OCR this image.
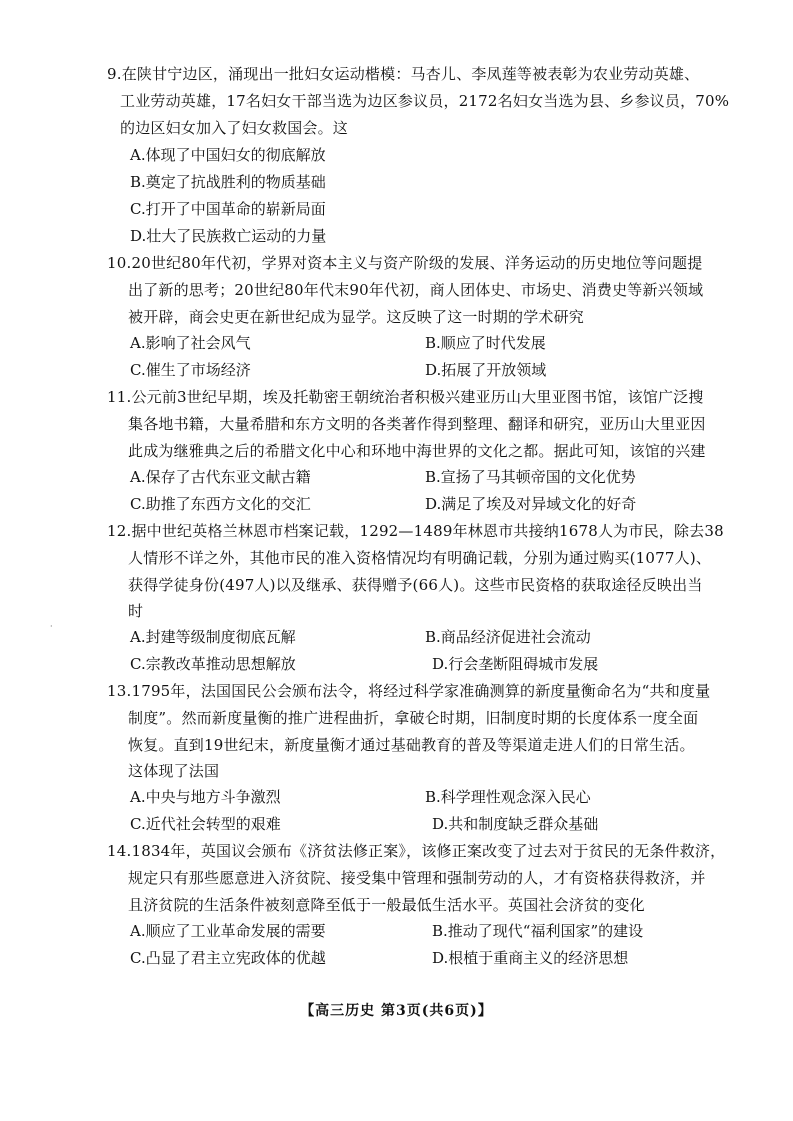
9.在陕甘宁边区，涌现出一批妇女运动楷模：马杏儿、李凤莲等被表彰为农业劳动英雄、
工业劳动英雄，17名妇女干部当选为边区参议员，2172名妇女当选为县、乡参议员，70%
的边区妇女加入了妇女救国会。这
A.体现了中国妇女的彻底解放
B.奠定了抗战胜利的物质基础
C.打开了中国革命的崭新局面
D.壮大了民族救亡运动的力量
10.20世纪80年代初，学界对资本主义与资产阶级的发展、洋务运动的历史地位等问题提
出了新的思考；20世纪80年代末90年代初，商人团体史、市场史、消费史等新兴领域
被开辟，商会史更在新世纪成为显学。这反映了这一时期的学术研究
A.影响了社会风气	B.顺应了时代发展
C.催生了市场经济	D.拓展了开放领域
11.公元前3世纪早期，埃及托勒密王朝统治者积极兴建亚历山大里亚图书馆，该馆广泛搜
集各地书籍，大量希腊和东方文明的各类著作得到整理、翻译和研究，亚历山大里亚因
此成为继雅典之后的希腊文化中心和环地中海世界的文化之都。据此可知，该馆的兴建
A.保存了古代东亚文献古籍	B.宣扬了马其顿帝国的文化优势
C.助推了东西方文化的交汇	D.满足了埃及对异域文化的好奇
12.据中世纪英格兰林恩市档案记载，1292—1489年林恩市共接纳1678人为市民，除去38
人情形不详之外，其他市民的准入资格情况均有明确记载，分别为通过购买(1077人)、
获得学徒身份(497人)以及继承、获得赠予(66人)。这些市民资格的获取途径反映出当
时
A.封建等级制度彻底瓦解	B.商品经济促进社会流动
C.宗教改革推动思想解放	D.行会垄断阻碍城市发展
13.1795年，法国国民公会颁布法令，将经过科学家准确测算的新度量衡命名为“共和度量
制度”。然而新度量衡的推广进程曲折，拿破仑时期，旧制度时期的长度体系一度全面
恢复。直到19世纪末，新度量衡才通过基础教育的普及等渠道走进人们的日常生活。
这体现了法国
A.中央与地方斗争激烈	B.科学理性观念深入民心
C.近代社会转型的艰难	D.共和制度缺乏群众基础
14.1834年，英国议会颁布《济贫法修正案》，该修正案改变了过去对于贫民的无条件救济，
规定只有那些愿意进入济贫院、接受集中管理和强制劳动的人，才有资格获得救济，并
且济贫院的生活条件被刻意降至低于一般最低生活水平。英国社会济贫的变化
A.顺应了工业革命发展的需要	B.推动了现代“福利国家”的建设
C.凸显了君主立宪政体的优越	D.根植于重商主义的经济思想
·
【高三历史 第3页(共6页)】
